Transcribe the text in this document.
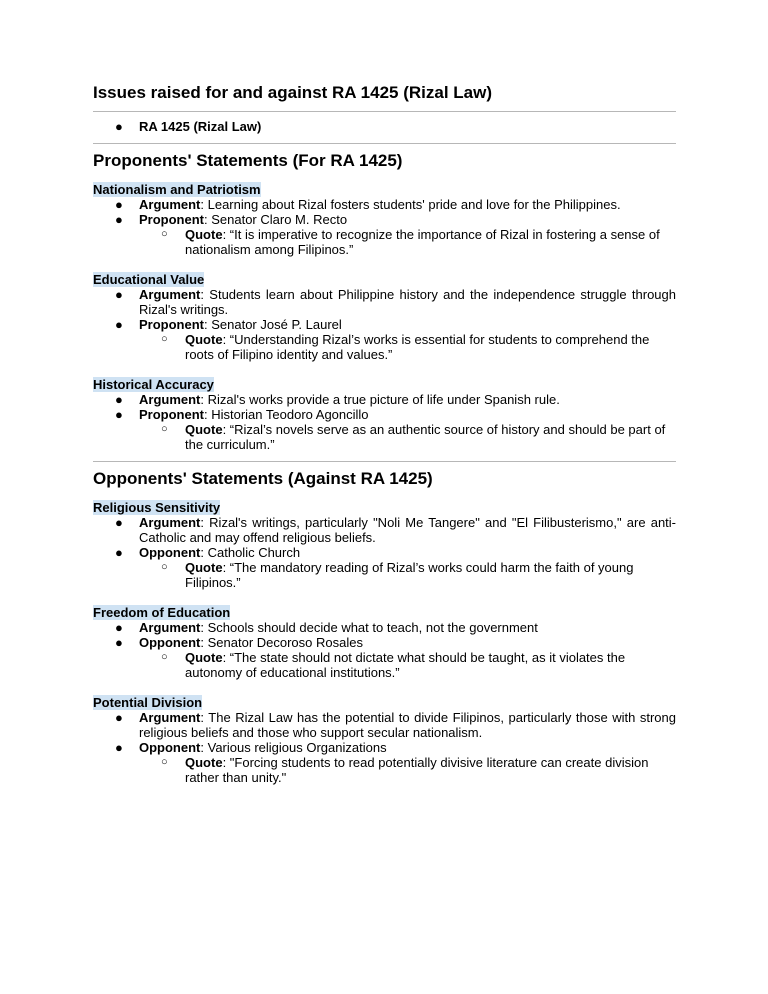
Issues raised for and against RA 1425 (Rizal Law)
● RA 1425 (Rizal Law)
Proponents' Statements (For RA 1425)
Nationalism and Patriotism
● Argument: Learning about Rizal fosters students' pride and love for the Philippines.
● Proponent: Senator Claro M. Recto
○ Quote: “It is imperative to recognize the importance of Rizal in fostering a sense of nationalism among Filipinos.”
Educational Value
● Argument: Students learn about Philippine history and the independence struggle through Rizal's writings.
● Proponent: Senator José P. Laurel
○ Quote: “Understanding Rizal’s works is essential for students to comprehend the roots of Filipino identity and values.”
Historical Accuracy
● Argument: Rizal's works provide a true picture of life under Spanish rule.
● Proponent: Historian Teodoro Agoncillo
○ Quote: “Rizal’s novels serve as an authentic source of history and should be part of the curriculum.”
Opponents' Statements (Against RA 1425)
Religious Sensitivity
● Argument: Rizal's writings, particularly "Noli Me Tangere" and "El Filibusterismo," are anti-Catholic and may offend religious beliefs.
● Opponent: Catholic Church
○ Quote: “The mandatory reading of Rizal’s works could harm the faith of young Filipinos.”
Freedom of Education
● Argument: Schools should decide what to teach, not the government
● Opponent: Senator Decoroso Rosales
○ Quote: “The state should not dictate what should be taught, as it violates the autonomy of educational institutions.”
Potential Division
● Argument: The Rizal Law has the potential to divide Filipinos, particularly those with strong religious beliefs and those who support secular nationalism.
● Opponent: Various religious Organizations
○ Quote: "Forcing students to read potentially divisive literature can create division rather than unity."
